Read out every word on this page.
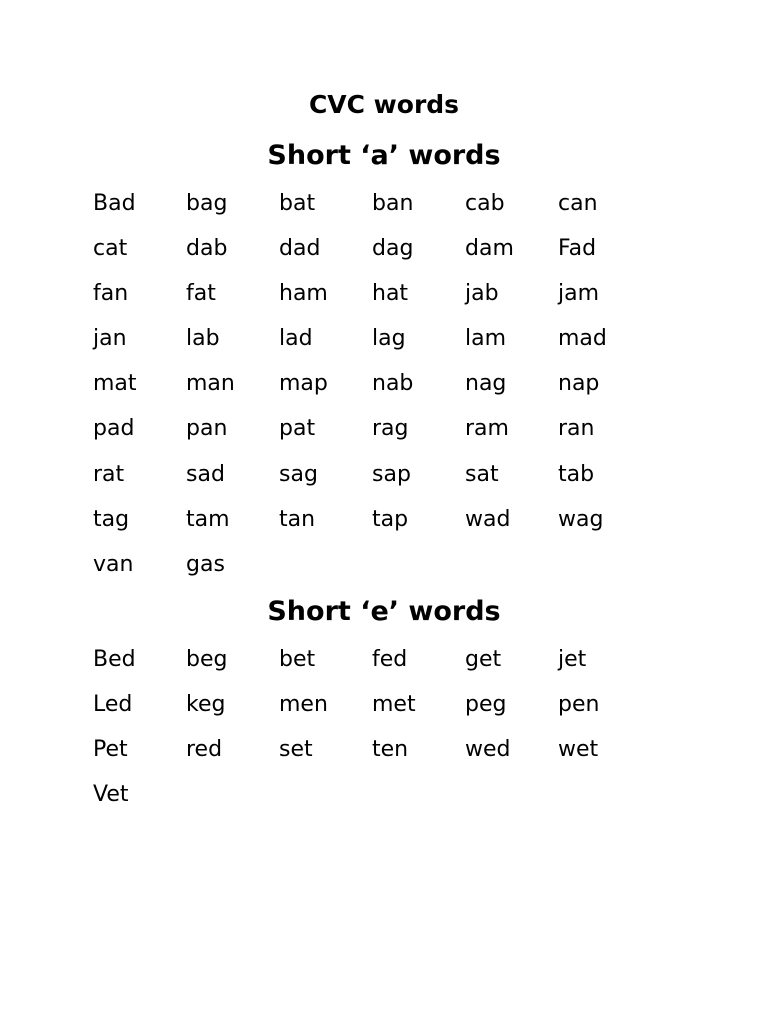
CVC words
Short ‘a’ words
Bad	bag	bat	ban	cab	can
cat	dab	dad	dag	dam	Fad
fan	fat	ham	hat	jab	jam
jan	lab	lad	lag	lam	mad
mat	man	map	nab	nag	nap
pad	pan	pat	rag	ram	ran
rat	sad	sag	sap	sat	tab
tag	tam	tan	tap	wad	wag
van	gas
Short ‘e’ words
Bed	beg	bet	fed	get	jet
Led	keg	men	met	peg	pen
Pet	red	set	ten	wed	wet
Vet
